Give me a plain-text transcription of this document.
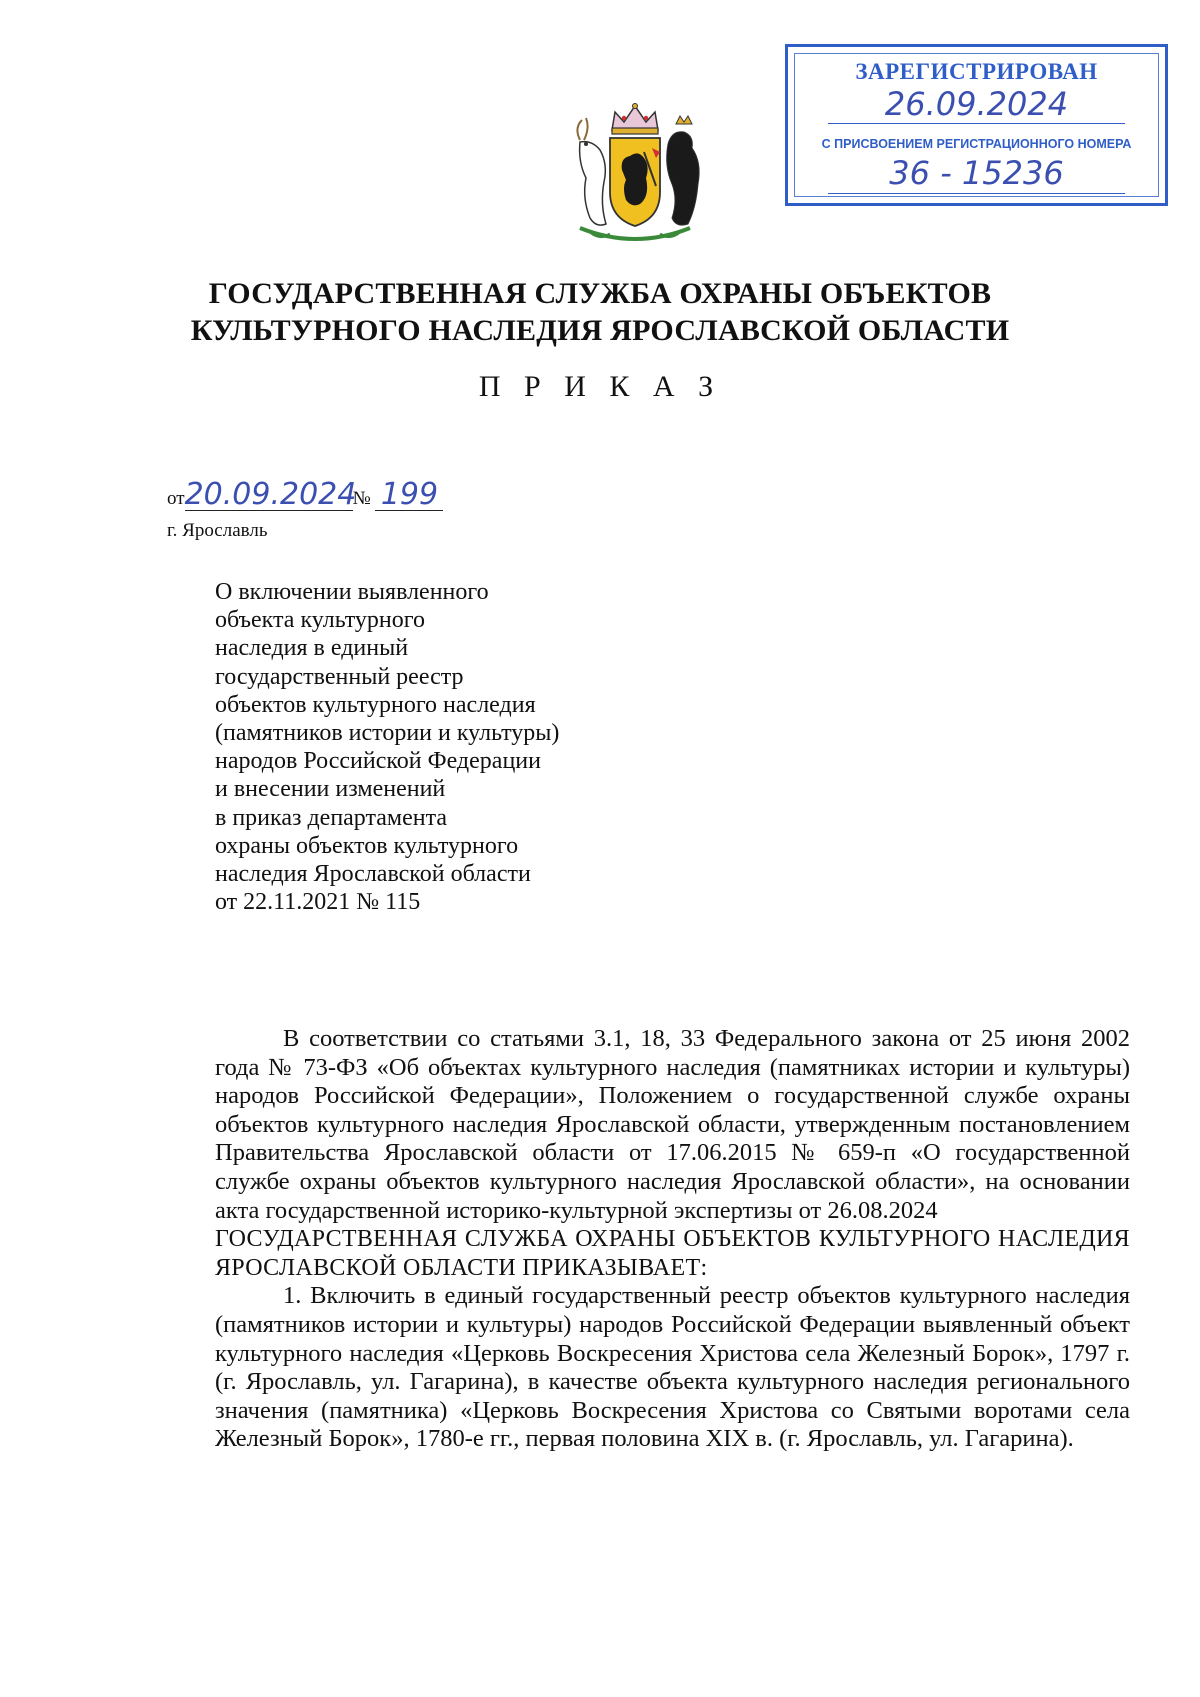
ЗАРЕГИСТРИРОВАН
26.09.2024
С ПРИСВОЕНИЕМ РЕГИСТРАЦИОННОГО НОМЕРА
36 - 15236
ГОСУДАРСТВЕННАЯ СЛУЖБА ОХРАНЫ ОБЪЕКТОВ
КУЛЬТУРНОГО НАСЛЕДИЯ ЯРОСЛАВСКОЙ ОБЛАСТИ
П Р И К А З
от20.09.2024№ 199
г. Ярославль
О включении выявленного
объекта культурного
наследия в единый
государственный реестр
объектов культурного наследия
(памятников истории и культуры)
народов Российской Федерации
и внесении изменений
в приказ департамента
охраны объектов культурного
наследия Ярославской области
от 22.11.2021 № 115

В соответствии со статьями 3.1, 18, 33 Федерального закона от 25 июня 2002 года № 73-ФЗ «Об объектах культурного наследия (памятниках истории и культуры) народов Российской Федерации», Положением о государственной службе охраны объектов культурного наследия Ярославской области, утвержденным постановлением Правительства Ярославской области от 17.06.2015 № 659-п «О государственной службе охраны объектов культурного наследия Ярославской области», на основании акта государственной историко-культурной экспертизы от 26.08.2024

ГОСУДАРСТВЕННАЯ СЛУЖБА ОХРАНЫ ОБЪЕКТОВ КУЛЬТУРНОГО НАСЛЕДИЯ ЯРОСЛАВСКОЙ ОБЛАСТИ ПРИКАЗЫВАЕТ:

1. Включить в единый государственный реестр объектов культурного наследия (памятников истории и культуры) народов Российской Федерации выявленный объект культурного наследия «Церковь Воскресения Христова села Железный Борок», 1797 г. (г. Ярославль, ул. Гагарина), в качестве объекта культурного наследия регионального значения (памятника) «Церковь Воскресения Христова со Святыми воротами села Железный Борок», 1780-е гг., первая половина XIX в. (г. Ярославль, ул. Гагарина).
